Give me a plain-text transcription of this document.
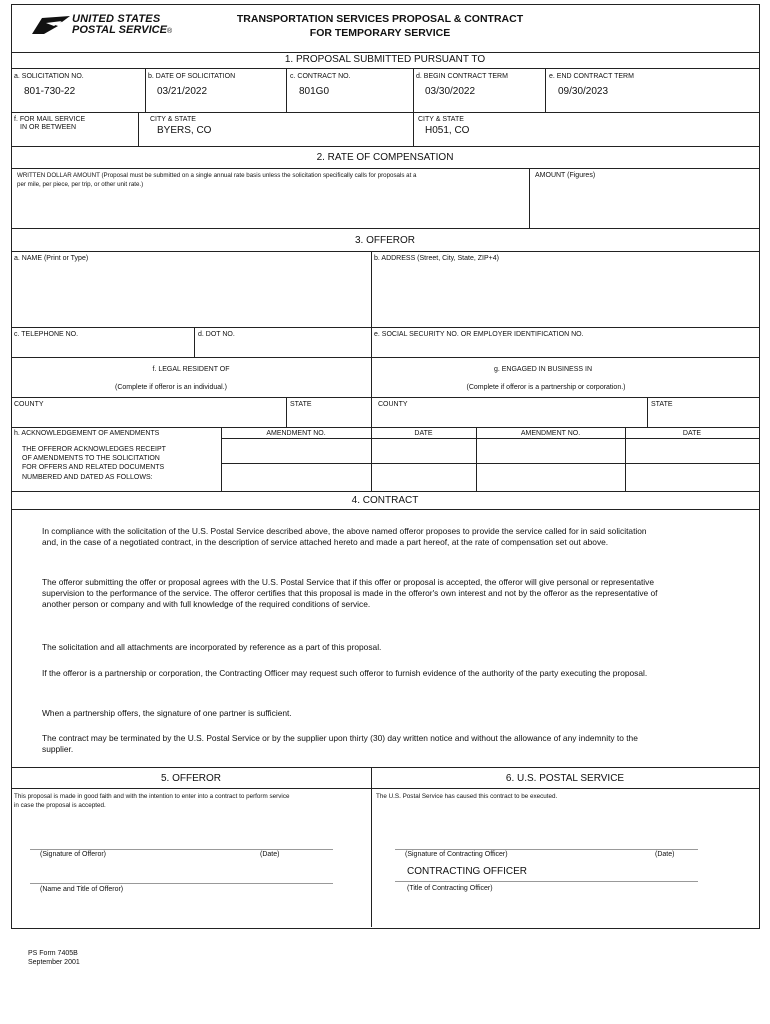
UNITED STATES
POSTAL SERVICE®
TRANSPORTATION SERVICES PROPOSAL & CONTRACT
FOR TEMPORARY SERVICE
1. PROPOSAL SUBMITTED PURSUANT TO
a. SOLICITATION NO.
801-730-22
b. DATE OF SOLICITATION
03/21/2022
c. CONTRACT NO.
801G0
d. BEGIN CONTRACT TERM
03/30/2022
e. END CONTRACT TERM
09/30/2023
f. FOR MAIL SERVICE
IN OR BETWEEN
CITY & STATE
BYERS, CO
CITY & STATE
H051, CO
2. RATE OF COMPENSATION
WRITTEN DOLLAR AMOUNT (Proposal must be submitted on a single annual rate basis unless the solicitation specifically calls for proposals at a
per mile, per piece, per trip, or other unit rate.)
AMOUNT (Figures)
3. OFFEROR
a. NAME (Print or Type)	b. ADDRESS (Street, City, State, ZIP+4)
c. TELEPHONE NO.	d. DOT NO.	e. SOCIAL SECURITY NO. OR EMPLOYER IDENTIFICATION NO.
f. LEGAL RESIDENT OF
(Complete if offeror is an individual.)
g. ENGAGED IN BUSINESS IN
(Complete if offeror is a partnership or corporation.)
COUNTY	STATE	COUNTY	STATE
h. ACKNOWLEDGEMENT OF AMENDMENTS
THE OFFEROR ACKNOWLEDGES RECEIPT
OF AMENDMENTS TO THE SOLICITATION
FOR OFFERS AND RELATED DOCUMENTS
NUMBERED AND DATED AS FOLLOWS:
AMENDMENT NO.	DATE	AMENDMENT NO.	DATE
4. CONTRACT
In compliance with the solicitation of the U.S. Postal Service described above, the above named offeror proposes to provide the service called for in said solicitation and, in the case of a negotiated contract, in the description of service attached hereto and made a part hereof, at the rate of compensation set out above.
The offeror submitting the offer or proposal agrees with the U.S. Postal Service that if this offer or proposal is accepted, the offeror will give personal or representative supervision to the performance of the service. The offeror certifies that this proposal is made in the offeror's own interest and not by the offeror as the representative of another person or company and with full knowledge of the required conditions of service.
The solicitation and all attachments are incorporated by reference as a part of this proposal.
If the offeror is a partnership or corporation, the Contracting Officer may request such offeror to furnish evidence of the authority of the party executing the proposal.
When a partnership offers, the signature of one partner is sufficient.
The contract may be terminated by the U.S. Postal Service or by the supplier upon thirty (30) day written notice and without the allowance of any indemnity to the supplier.
5. OFFEROR	6. U.S. POSTAL SERVICE
This proposal is made in good faith and with the intention to enter into a contract to perform service
in case the proposal is accepted.
(Signature of Offeror)	(Date)
(Name and Title of Offeror)
The U.S. Postal Service has caused this contract to be executed.
(Signature of Contracting Officer)	(Date)
CONTRACTING OFFICER
(Title of Contracting Officer)
PS Form 7405B
September 2001
